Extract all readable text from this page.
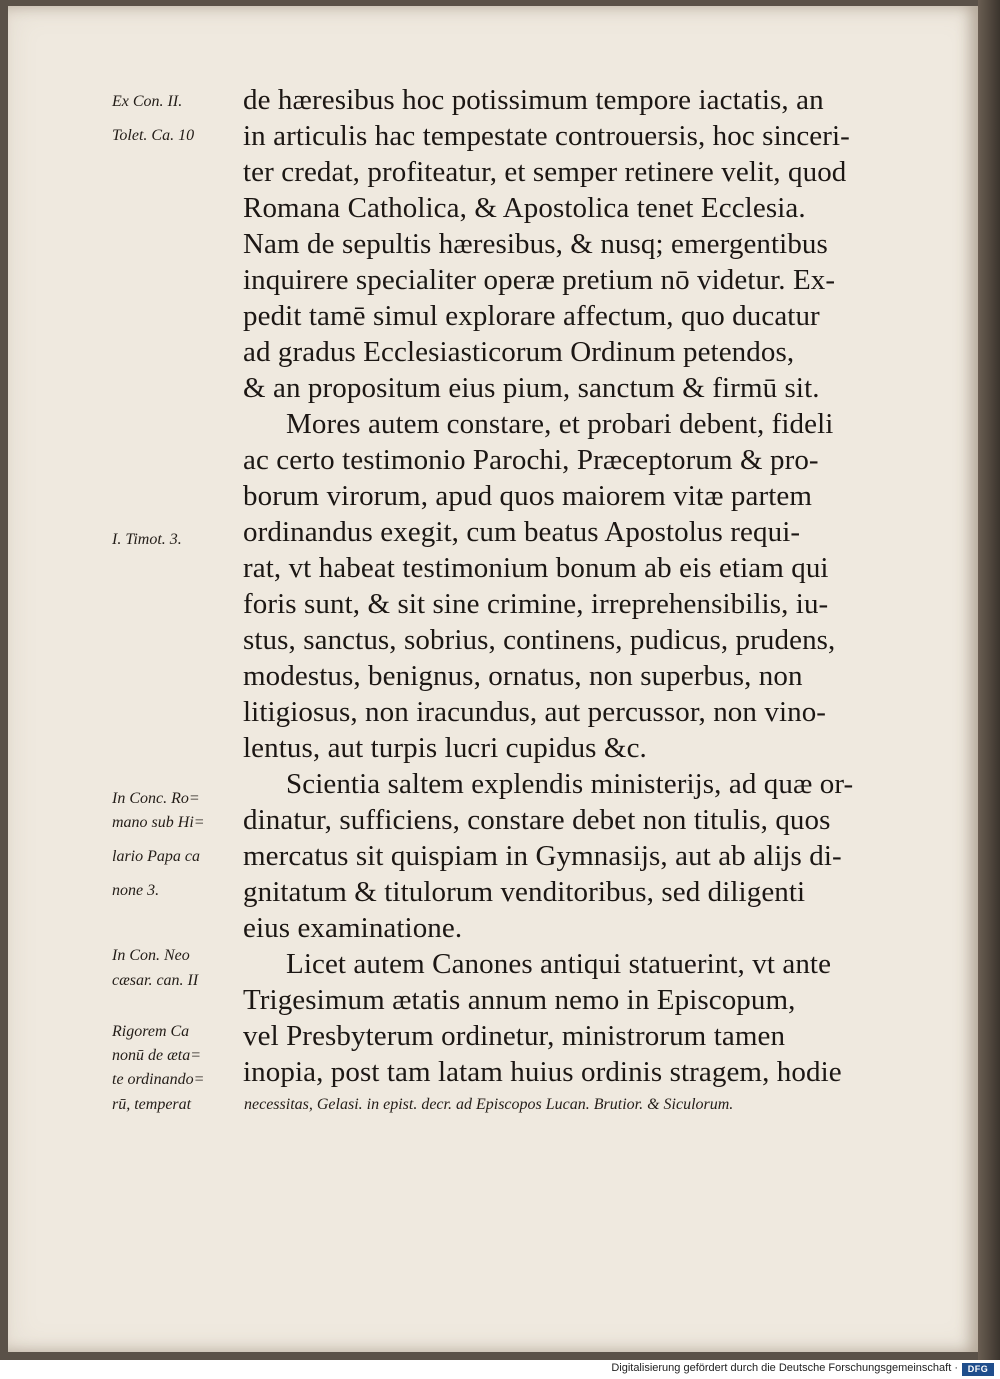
Ex Con. II.
Tolet. Ca. 10
I. Timot. 3.
In Conc. Ro=
mano sub Hi=
lario Papa ca
none 3.
In Con. Neo
cæsar. can. II
Rigorem Ca
nonū de æta=
te ordinando=
rū, temperat
de hæresibus hoc potissimum tempore iactatis, an
in articulis hac tempestate controuersis, hoc sinceri-
ter credat, profiteatur, et semper retinere velit, quod
Romana Catholica, & Apostolica tenet Ecclesia.
Nam de sepultis hæresibus, & nusq; emergentibus
inquirere specialiter operæ pretium nō videtur. Ex-
pedit tamē simul explorare affectum, quo ducatur
ad gradus Ecclesiasticorum Ordinum petendos,
& an propositum eius pium, sanctum & firmū sit.
Mores autem constare, et probari debent, fideli
ac certo testimonio Parochi, Præceptorum & pro-
borum virorum, apud quos maiorem vitæ partem
ordinandus exegit, cum beatus Apostolus requi-
rat, vt habeat testimonium bonum ab eis etiam qui
foris sunt, & sit sine crimine, irreprehensibilis, iu-
stus, sanctus, sobrius, continens, pudicus, prudens,
modestus, benignus, ornatus, non superbus, non
litigiosus, non iracundus, aut percussor, non vino-
lentus, aut turpis lucri cupidus &c.
Scientia saltem explendis ministerijs, ad quæ or-
dinatur, sufficiens, constare debet non titulis, quos
mercatus sit quispiam in Gymnasijs, aut ab alijs di-
gnitatum & titulorum venditoribus, sed diligenti
eius examinatione.
Licet autem Canones antiqui statuerint, vt ante
Trigesimum ætatis annum nemo in Episcopum,
vel Presbyterum ordinetur, ministrorum tamen
inopia, post tam latam huius ordinis stragem, hodie
necessitas, Gelasi. in epist. decr. ad Episcopos Lucan. Brutior. & Siculorum.
Digitalisierung gefördert durch die Deutsche Forschungsgemeinschaft ·	DFG
